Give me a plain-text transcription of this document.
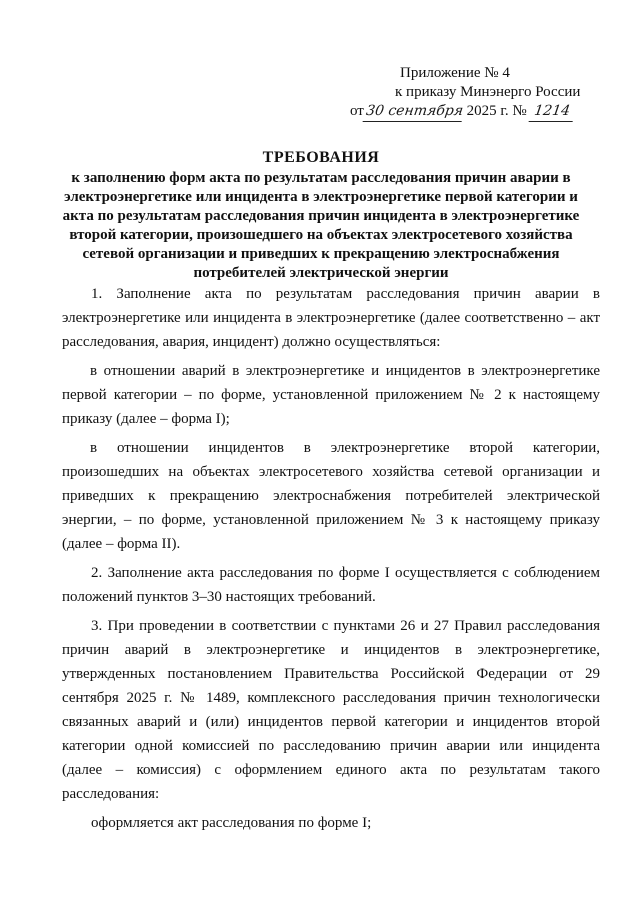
Приложение № 4
к приказу Минэнерго России
от30 сентября 2025 г. № 1214
ТРЕБОВАНИЯ
к заполнению форм акта по результатам расследования причин аварии в электроэнергетике или инцидента в электроэнергетике первой категории и акта по результатам расследования причин инцидента в электроэнергетике второй категории, произошедшего на объектах электросетевого хозяйства сетевой организации и приведших к прекращению электроснабжения потребителей электрической энергии

1. Заполнение акта по результатам расследования причин аварии в электроэнергетике или инцидента в электроэнергетике (далее соответственно – акт расследования, авария, инцидент) должно осуществляться:

в отношении аварий в электроэнергетике и инцидентов в электроэнергетике первой категории – по форме, установленной приложением № 2 к настоящему приказу (далее – форма I);

в отношении инцидентов в электроэнергетике второй категории, произошедших на объектах электросетевого хозяйства сетевой организации и приведших к прекращению электроснабжения потребителей электрической энергии, – по форме, установленной приложением № 3 к настоящему приказу (далее – форма II).

2. Заполнение акта расследования по форме I осуществляется с соблюдением положений пунктов 3–30 настоящих требований.

3. При проведении в соответствии с пунктами 26 и 27 Правил расследования причин аварий в электроэнергетике и инцидентов в электроэнергетике, утвержденных постановлением Правительства Российской Федерации от 29 сентября 2025 г. № 1489, комплексного расследования причин технологически связанных аварий и (или) инцидентов первой категории и инцидентов второй категории одной комиссией по расследованию причин аварии или инцидента (далее – комиссия) с оформлением единого акта по результатам такого расследования:

оформляется акт расследования по форме I;
